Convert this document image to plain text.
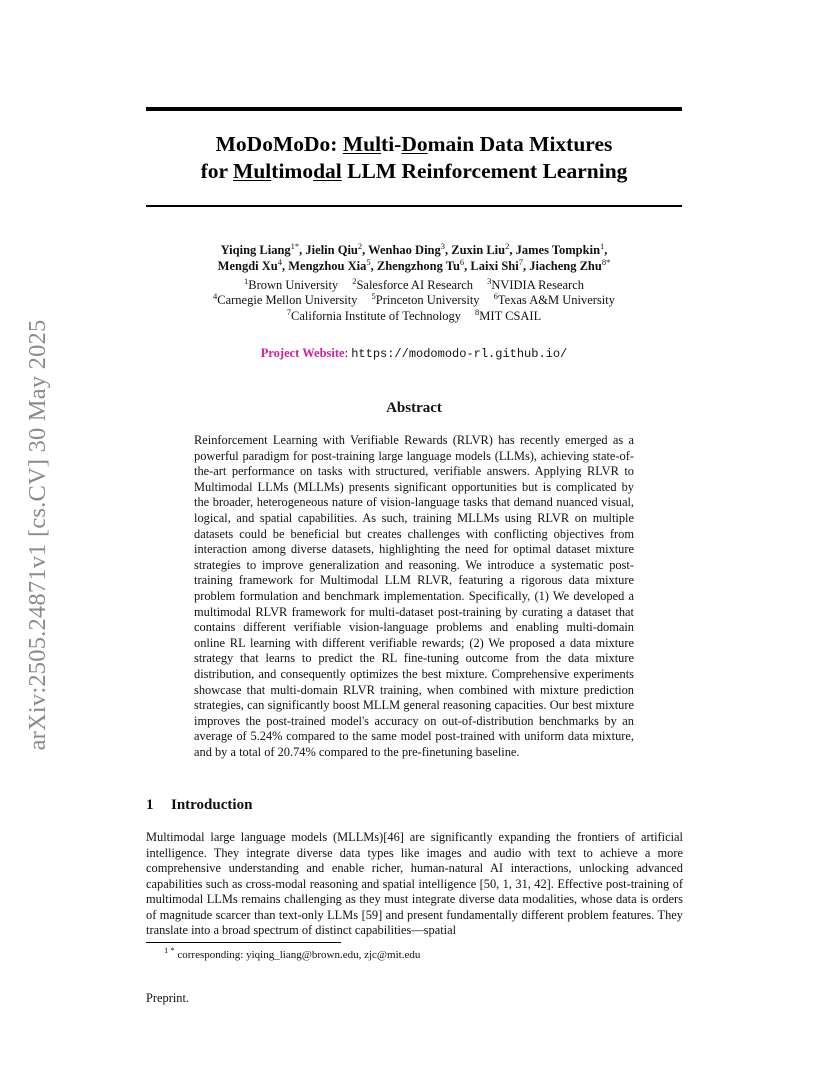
arXiv:2505.24871v1 [cs.CV] 30 May 2025
MoDoMoDo: Multi-Domain Data Mixtures
for Multimodal LLM Reinforcement Learning
Yiqing Liang$^{1*}$, Jielin Qiu$^2$, Wenhao Ding$^3$, Zuxin Liu$^2$, James Tompkin$^1$,
Mengdi Xu$^4$, Mengzhou Xia$^5$, Zhengzhong Tu$^6$, Laixi Shi$^7$, Jiacheng Zhu$^{8*}$
$^1$Brown University $^2$Salesforce AI Research $^3$NVIDIA Research
$^4$Carnegie Mellon University $^5$Princeton University $^6$Texas A&M University
$^7$California Institute of Technology $^8$MIT CSAIL
Project Website: https://modomodo-rl.github.io/
Abstract
Reinforcement Learning with Verifiable Rewards (RLVR) has recently emerged as a powerful paradigm for post-training large language models (LLMs), achieving state-of-the-art performance on tasks with structured, verifiable answers. Applying RLVR to Multimodal LLMs (MLLMs) presents significant opportunities but is complicated by the broader, heterogeneous nature of vision-language tasks that demand nuanced visual, logical, and spatial capabilities. As such, training MLLMs using RLVR on multiple datasets could be beneficial but creates challenges with conflicting objectives from interaction among diverse datasets, highlighting the need for optimal dataset mixture strategies to improve generalization and reasoning. We introduce a systematic post-training framework for Multimodal LLM RLVR, featuring a rigorous data mixture problem formulation and benchmark implementation. Specifically, (1) We developed a multimodal RLVR framework for multi-dataset post-training by curating a dataset that contains different verifiable vision-language problems and enabling multi-domain online RL learning with different verifiable rewards; (2) We proposed a data mixture strategy that learns to predict the RL fine-tuning outcome from the data mixture distribution, and consequently optimizes the best mixture. Comprehensive experiments showcase that multi-domain RLVR training, when combined with mixture prediction strategies, can significantly boost MLLM general reasoning capacities. Our best mixture improves the post-trained model's accuracy on out-of-distribution benchmarks by an average of 5.24% compared to the same model post-trained with uniform data mixture, and by a total of 20.74% compared to the pre-finetuning baseline.
1 Introduction
Multimodal large language models (MLLMs)[46] are significantly expanding the frontiers of artificial intelligence. They integrate diverse data types like images and audio with text to achieve a more comprehensive understanding and enable richer, human-natural AI interactions, unlocking advanced capabilities such as cross-modal reasoning and spatial intelligence [50, 1, 31, 42]. Effective post-training of multimodal LLMs remains challenging as they must integrate diverse data modalities, whose data is orders of magnitude scarcer than text-only LLMs [59] and present fundamentally different problem features. They translate into a broad spectrum of distinct capabilities—spatial
$^{1 *}$ corresponding: yiqing_liang@brown.edu, zjc@mit.edu
Preprint.
